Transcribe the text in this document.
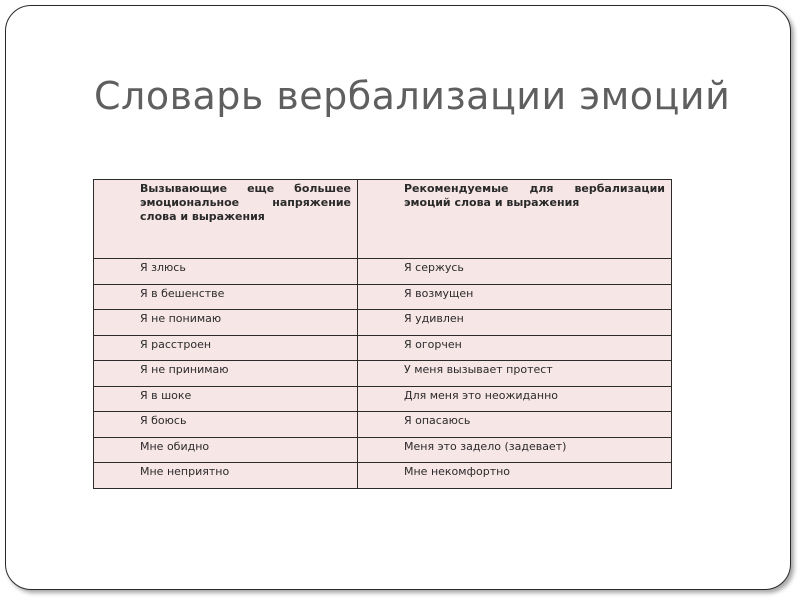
Словарь вербализации эмоций
Вызывающие еще большее эмоциональное напряжение слова и выражения	Рекомендуемые для вербализации эмоций слова и выражения
Я злюсь	Я сержусь
Я в бешенстве	Я возмущен
Я не понимаю	Я удивлен
Я расстроен	Я огорчен
Я не принимаю	У меня вызывает протест
Я в шоке	Для меня это неожиданно
Я боюсь	Я опасаюсь
Мне обидно	Меня это задело (задевает)
Мне неприятно	Мне некомфортно
